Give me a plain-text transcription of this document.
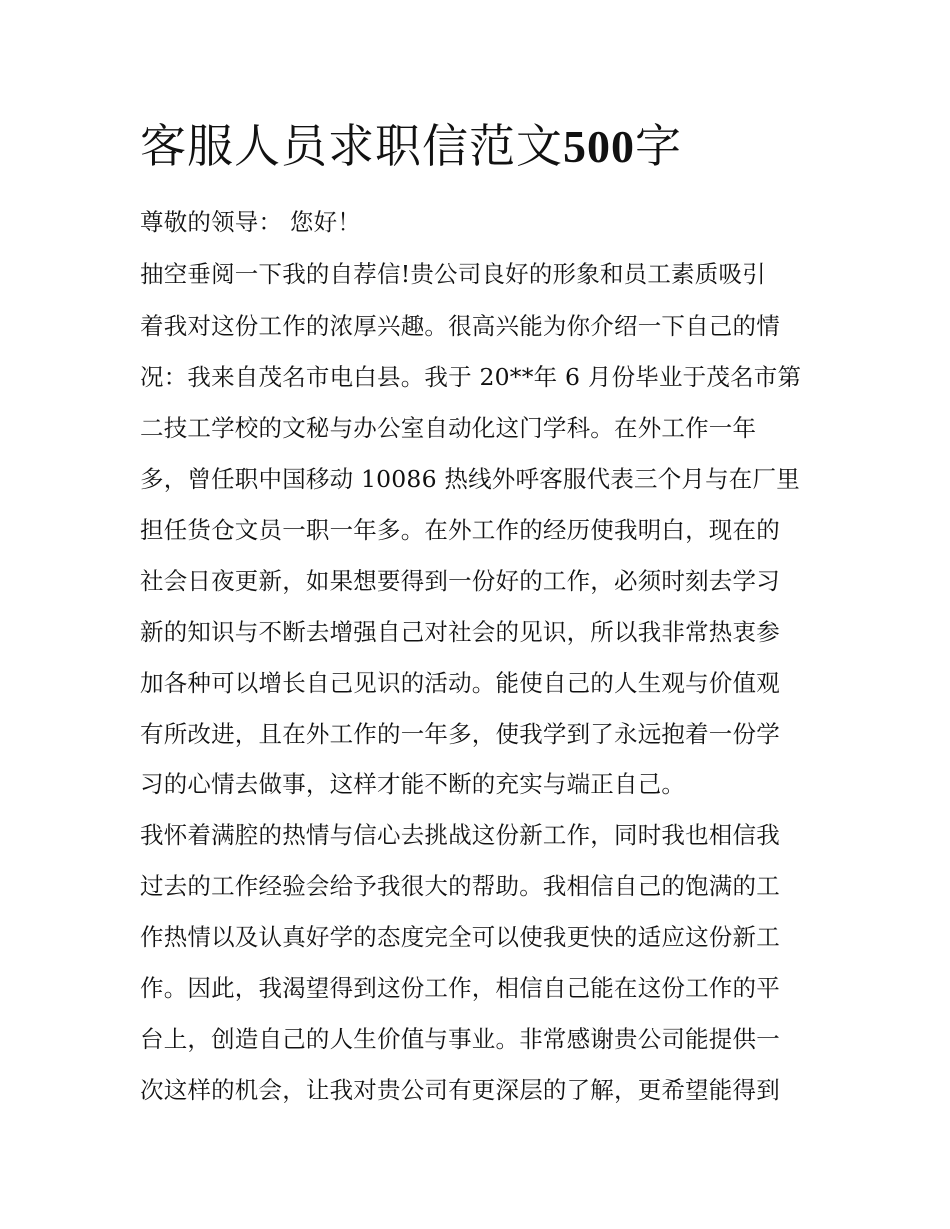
客服人员求职信范文500字

尊敬的领导： 您好！

抽空垂阅一下我的自荐信!贵公司良好的形象和员工素质吸引

着我对这份工作的浓厚兴趣。很高兴能为你介绍一下自己的情

况：我来自茂名市电白县。我于 20**年 6 月份毕业于茂名市第

二技工学校的文秘与办公室自动化这门学科。在外工作一年

多，曾任职中国移动 10086 热线外呼客服代表三个月与在厂里

担任货仓文员一职一年多。在外工作的经历使我明白，现在的

社会日夜更新，如果想要得到一份好的工作，必须时刻去学习

新的知识与不断去增强自己对社会的见识，所以我非常热衷参

加各种可以增长自己见识的活动。能使自己的人生观与价值观

有所改进，且在外工作的一年多，使我学到了永远抱着一份学

习的心情去做事，这样才能不断的充实与端正自己。

我怀着满腔的热情与信心去挑战这份新工作，同时我也相信我

过去的工作经验会给予我很大的帮助。我相信自己的饱满的工

作热情以及认真好学的态度完全可以使我更快的适应这份新工

作。因此，我渴望得到这份工作，相信自己能在这份工作的平

台上，创造自己的人生价值与事业。非常感谢贵公司能提供一

次这样的机会，让我对贵公司有更深层的了解，更希望能得到
